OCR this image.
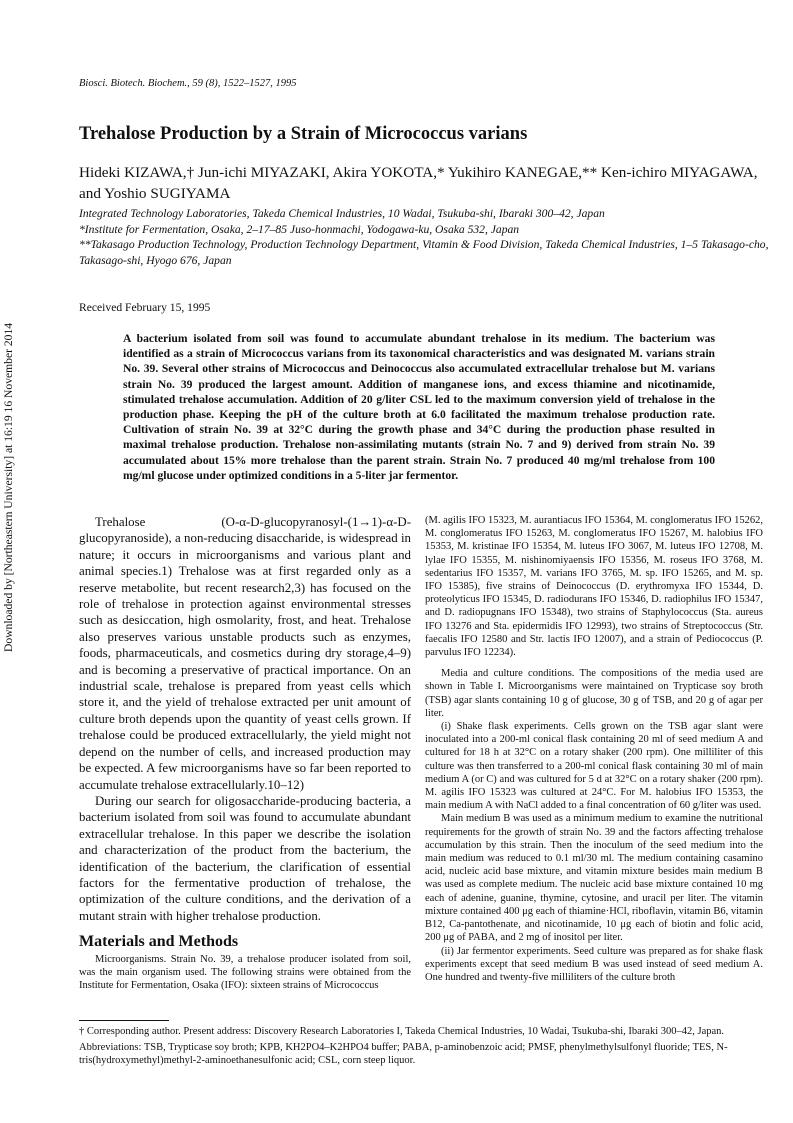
Biosci. Biotech. Biochem., 59 (8), 1522–1527, 1995
Trehalose Production by a Strain of Micrococcus varians
Hideki KIZAWA,† Jun-ichi MIYAZAKI, Akira YOKOTA,* Yukihiro KANEGAE,** Ken-ichiro MIYAGAWA,
and Yoshio SUGIYAMA
Integrated Technology Laboratories, Takeda Chemical Industries, 10 Wadai, Tsukuba-shi, Ibaraki 300–42, Japan
*Institute for Fermentation, Osaka, 2–17–85 Juso-honmachi, Yodogawa-ku, Osaka 532, Japan
**Takasago Production Technology, Production Technology Department, Vitamin & Food Division, Takeda Chemical Industries, 1–5 Takasago-cho, Takasago-shi, Hyogo 676, Japan
Received February 15, 1995
A bacterium isolated from soil was found to accumulate abundant trehalose in its medium. The bacterium was identified as a strain of Micrococcus varians from its taxonomical characteristics and was designated M. varians strain No. 39. Several other strains of Micrococcus and Deinococcus also accumulated extracellular trehalose but M. varians strain No. 39 produced the largest amount. Addition of manganese ions, and excess thiamine and nicotinamide, stimulated trehalose accumulation. Addition of 20 g/liter CSL led to the maximum conversion yield of trehalose in the production phase. Keeping the pH of the culture broth at 6.0 facilitated the maximum trehalose production rate. Cultivation of strain No. 39 at 32°C during the growth phase and 34°C during the production phase resulted in maximal trehalose production. Trehalose non-assimilating mutants (strain No. 7 and 9) derived from strain No. 39 accumulated about 15% more trehalose than the parent strain. Strain No. 7 produced 40 mg/ml trehalose from 100 mg/ml glucose under optimized conditions in a 5-liter jar fermentor.
Downloaded by [Northeastern University] at 16:19 16 November 2014	Trehalose (O-α-D-glucopyranosyl-(1→1)-α-D-glucopyranoside), a non-reducing disaccharide, is widespread in nature; it occurs in microorganisms and various plant and animal species.1) Trehalose was at first regarded only as a reserve metabolite, but recent research2,3) has focused on the role of trehalose in protection against environmental stresses such as desiccation, high osmolarity, frost, and heat. Trehalose also preserves various unstable products such as enzymes, foods, pharmaceuticals, and cosmetics during dry storage,4–9) and is becoming a preservative of practical importance. On an industrial scale, trehalose is prepared from yeast cells which store it, and the yield of trehalose extracted per unit amount of culture broth depends upon the quantity of yeast cells grown. If trehalose could be produced extracellularly, the yield might not depend on the number of cells, and increased production may be expected. A few microorganisms have so far been reported to accumulate trehalose extracellularly.10–12)

During our search for oligosaccharide-producing bacteria, a bacterium isolated from soil was found to accumulate abundant extracellular trehalose. In this paper we describe the isolation and characterization of the product from the bacterium, the identification of the bacterium, the clarification of essential factors for the fermentative production of trehalose, the optimization of the culture conditions, and the derivation of a mutant strain with higher trehalose production.

Materials and Methods

Microorganisms. Strain No. 39, a trehalose producer isolated from soil, was the main organism used. The following strains were obtained from the Institute for Fermentation, Osaka (IFO): sixteen strains of Micrococcus

(M. agilis IFO 15323, M. aurantiacus IFO 15364, M. conglomeratus IFO 15262, M. conglomeratus IFO 15263, M. conglomeratus IFO 15267, M. halobius IFO 15353, M. kristinae IFO 15354, M. luteus IFO 3067, M. luteus IFO 12708, M. lylae IFO 15355, M. nishinomiyaensis IFO 15356, M. roseus IFO 3768, M. sedentarius IFO 15357, M. varians IFO 3765, M. sp. IFO 15265, and M. sp. IFO 15385), five strains of Deinococcus (D. erythromyxa IFO 15344, D. proteolyticus IFO 15345, D. radiodurans IFO 15346, D. radiophilus IFO 15347, and D. radiopugnans IFO 15348), two strains of Staphylococcus (Sta. aureus IFO 13276 and Sta. epidermidis IFO 12993), two strains of Streptococcus (Str. faecalis IFO 12580 and Str. lactis IFO 12007), and a strain of Pediococcus (P. parvulus IFO 12234).

Media and culture conditions. The compositions of the media used are shown in Table I. Microorganisms were maintained on Trypticase soy broth (TSB) agar slants containing 10 g of glucose, 30 g of TSB, and 20 g of agar per liter.

(i) Shake flask experiments. Cells grown on the TSB agar slant were inoculated into a 200-ml conical flask containing 20 ml of seed medium A and cultured for 18 h at 32°C on a rotary shaker (200 rpm). One milliliter of this culture was then transferred to a 200-ml conical flask containing 30 ml of main medium A (or C) and was cultured for 5 d at 32°C on a rotary shaker (200 rpm). M. agilis IFO 15323 was cultured at 24°C. For M. halobius IFO 15353, the main medium A with NaCl added to a final concentration of 60 g/liter was used.

Main medium B was used as a minimum medium to examine the nutritional requirements for the growth of strain No. 39 and the factors affecting trehalose accumulation by this strain. Then the inoculum of the seed medium into the main medium was reduced to 0.1 ml/30 ml. The medium containing casamino acid, nucleic acid base mixture, and vitamin mixture besides main medium B was used as complete medium. The nucleic acid base mixture contained 10 mg each of adenine, guanine, thymine, cytosine, and uracil per liter. The vitamin mixture contained 400 μg each of thiamine·HCl, riboflavin, vitamin B6, vitamin B12, Ca-pantothenate, and nicotinamide, 10 μg each of biotin and folic acid, 200 μg of PABA, and 2 mg of inositol per liter.

(ii) Jar fermentor experiments. Seed culture was prepared as for shake flask experiments except that seed medium B was used instead of seed medium A. One hundred and twenty-five milliliters of the culture broth

† Corresponding author. Present address: Discovery Research Laboratories I, Takeda Chemical Industries, 10 Wadai, Tsukuba-shi, Ibaraki 300–42, Japan.

Abbreviations: TSB, Trypticase soy broth; KPB, KH2PO4–K2HPO4 buffer; PABA, p-aminobenzoic acid; PMSF, phenylmethylsulfonyl fluoride; TES, N-tris(hydroxymethyl)methyl-2-aminoethanesulfonic acid; CSL, corn steep liquor.
